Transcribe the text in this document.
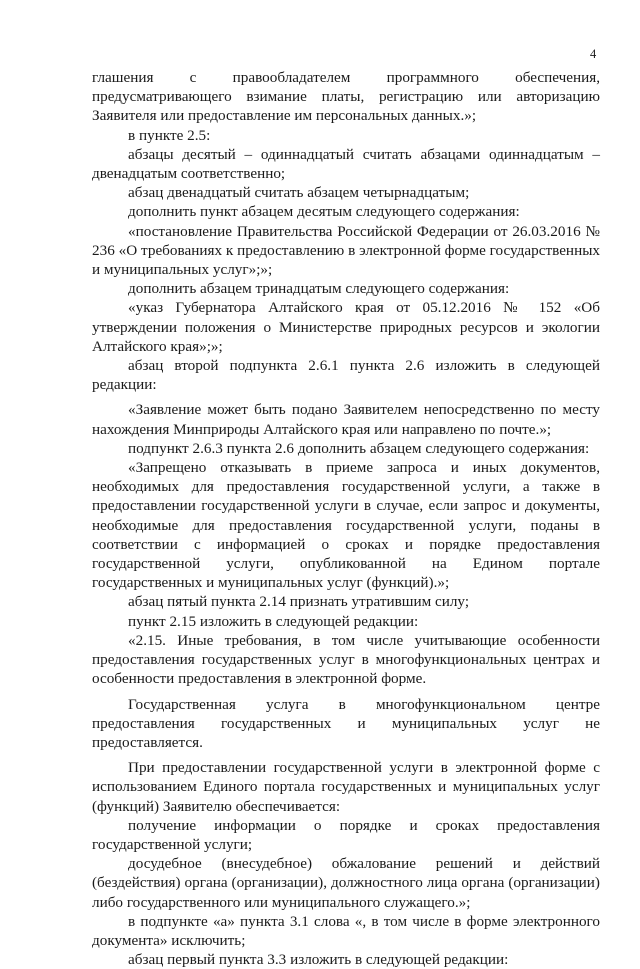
4

глашения с правообладателем программного обеспечения, предусматривающего взимание платы, регистрацию или авторизацию Заявителя или предоставление им персональных данных.»;

в пункте 2.5:

абзацы десятый – одиннадцатый считать абзацами одиннадцатым – двенадцатым соответственно;

абзац двенадцатый считать абзацем четырнадцатым;

дополнить пункт абзацем десятым следующего содержания:

«постановление Правительства Российской Федерации от 26.03.2016 № 236 «О требованиях к предоставлению в электронной форме государственных и муниципальных услуг»;»;

дополнить абзацем тринадцатым следующего содержания:

«указ Губернатора Алтайского края от 05.12.2016 № 152 «Об утверждении положения о Министерстве природных ресурсов и экологии Алтайского края»;»;

абзац второй подпункта 2.6.1 пункта 2.6 изложить в следующей редакции:

«Заявление может быть подано Заявителем непосредственно по месту нахождения Минприроды Алтайского края или направлено по почте.»;

подпункт 2.6.3 пункта 2.6 дополнить абзацем следующего содержания:

«Запрещено отказывать в приеме запроса и иных документов, необходимых для предоставления государственной услуги, а также в предоставлении государственной услуги в случае, если запрос и документы, необходимые для предоставления государственной услуги, поданы в соответствии с информацией о сроках и порядке предоставления государственной услуги, опубликованной на Едином портале государственных и муниципальных услуг (функций).»;

абзац пятый пункта 2.14 признать утратившим силу;

пункт 2.15 изложить в следующей редакции:

«2.15. Иные требования, в том числе учитывающие особенности предоставления государственных услуг в многофункциональных центрах и особенности предоставления в электронной форме.

Государственная услуга в многофункциональном центре предоставления государственных и муниципальных услуг не предоставляется.

При предоставлении государственной услуги в электронной форме с использованием Единого портала государственных и муниципальных услуг (функций) Заявителю обеспечивается:

получение информации о порядке и сроках предоставления государственной услуги;

досудебное (внесудебное) обжалование решений и действий (бездействия) органа (организации), должностного лица органа (организации) либо государственного или муниципального служащего.»;

в подпункте «а» пункта 3.1 слова «, в том числе в форме электронного документа» исключить;

абзац первый пункта 3.3 изложить в следующей редакции:
